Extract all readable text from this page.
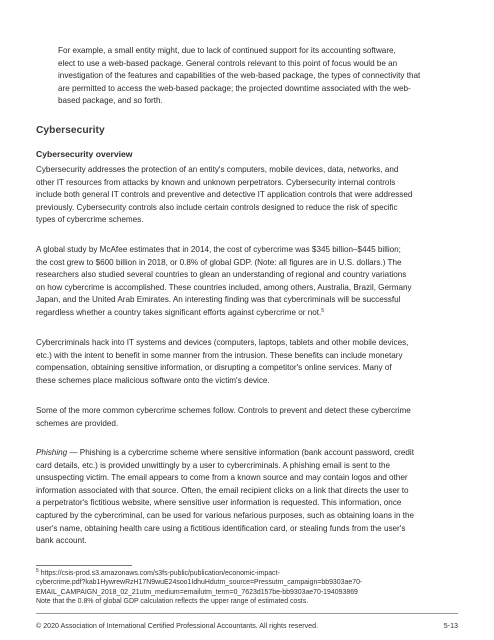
For example, a small entity might, due to lack of continued support for its accounting software,
elect to use a web-based package. General controls relevant to this point of focus would be an
investigation of the features and capabilities of the web-based package, the types of connectivity that
are permitted to access the web-based package; the projected downtime associated with the web-
based package, and so forth.

Cybersecurity
Cybersecurity overview

Cybersecurity addresses the protection of an entity's computers, mobile devices, data, networks, and
other IT resources from attacks by known and unknown perpetrators. Cybersecurity internal controls
include both general IT controls and preventive and detective IT application controls that were addressed
previously. Cybersecurity controls also include certain controls designed to reduce the risk of specific
types of cybercrime schemes.

A global study by McAfee estimates that in 2014, the cost of cybercrime was $345 billion–$445 billion;
the cost grew to $600 billion in 2018, or 0.8% of global GDP. (Note: all figures are in U.S. dollars.) The
researchers also studied several countries to glean an understanding of regional and country variations
on how cybercrime is accomplished. These countries included, among others, Australia, Brazil, Germany
Japan, and the United Arab Emirates. An interesting finding was that cybercriminals will be successful
regardless whether a country takes significant efforts against cybercrime or not.$^5$

Cybercriminals hack into IT systems and devices (computers, laptops, tablets and other mobile devices,
etc.) with the intent to benefit in some manner from the intrusion. These benefits can include monetary
compensation, obtaining sensitive information, or disrupting a competitor's online services. Many of
these schemes place malicious software onto the victim's device.

Some of the more common cybercrime schemes follow. Controls to prevent and detect these cybercrime
schemes are provided.

Phishing — Phishing is a cybercrime scheme where sensitive information (bank account password, credit
card details, etc.) is provided unwittingly by a user to cybercriminals. A phishing email is sent to the
unsuspecting victim. The email appears to come from a known source and may contain logos and other
information associated with that source. Often, the email recipient clicks on a link that directs the user to
a perpetrator's fictitious website, where sensitive user information is requested. This information, once
captured by the cybercriminal, can be used for various nefarious purposes, such as obtaining loans in the
user's name, obtaining health care using a fictitious identification card, or stealing funds from the user's
bank account.

$^5$ https://csis-prod.s3.amazonaws.com/s3fs-public/publication/economic-impact-
cybercrime.pdf?kab1HywrewRzH17N9wuE24soo1IdhuHdutm_source=Pressutm_campaign=bb9303ae70-
EMAIL_CAMPAIGN_2018_02_21utm_medium=emailutm_term=0_7623d157be-bb9303ae70-194093869
Note that the 0.8% of global GDP calculation reflects the upper range of estimated costs.

© 2020 Association of International Certified Professional Accountants. All rights reserved.	5-13
